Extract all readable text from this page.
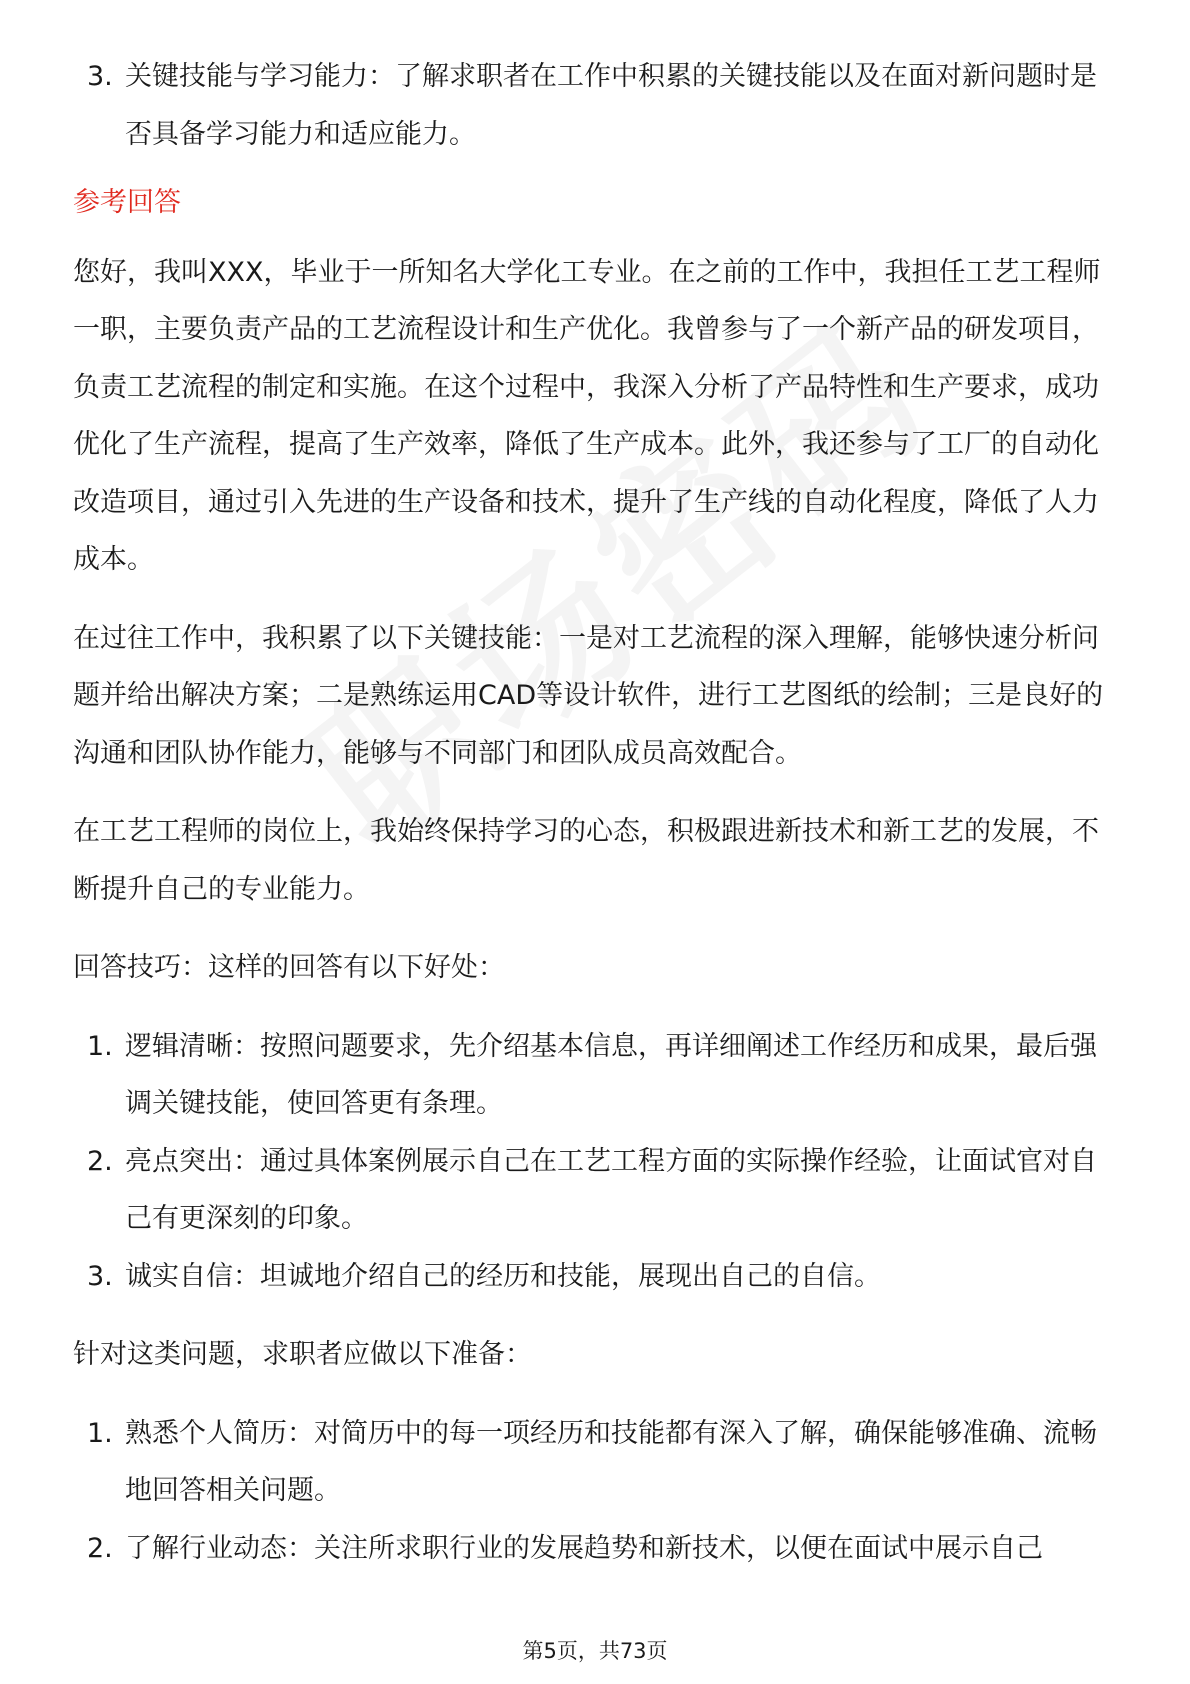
3. 关键技能与学习能力：了解求职者在工作中积累的关键技能以及在面对新问题时是否具备学习能力和适应能力。

参考回答

您好，我叫XXX，毕业于一所知名大学化工专业。在之前的工作中，我担任工艺工程师一职，主要负责产品的工艺流程设计和生产优化。我曾参与了一个新产品的研发项目，负责工艺流程的制定和实施。在这个过程中，我深入分析了产品特性和生产要求，成功优化了生产流程，提高了生产效率，降低了生产成本。此外，我还参与了工厂的自动化改造项目，通过引入先进的生产设备和技术，提升了生产线的自动化程度，降低了人力成本。

在过往工作中，我积累了以下关键技能：一是对工艺流程的深入理解，能够快速分析问题并给出解决方案；二是熟练运用CAD等设计软件，进行工艺图纸的绘制；三是良好的沟通和团队协作能力，能够与不同部门和团队成员高效配合。

在工艺工程师的岗位上，我始终保持学习的心态，积极跟进新技术和新工艺的发展，不断提升自己的专业能力。

回答技巧：这样的回答有以下好处：

1. 逻辑清晰：按照问题要求，先介绍基本信息，再详细阐述工作经历和成果，最后强调关键技能，使回答更有条理。
2. 亮点突出：通过具体案例展示自己在工艺工程方面的实际操作经验，让面试官对自己有更深刻的印象。
3. 诚实自信：坦诚地介绍自己的经历和技能，展现出自己的自信。

针对这类问题，求职者应做以下准备：

1. 熟悉个人简历：对简历中的每一项经历和技能都有深入了解，确保能够准确、流畅地回答相关问题。
2. 了解行业动态：关注所求职行业的发展趋势和新技术，以便在面试中展示自己
第5页，共73页
